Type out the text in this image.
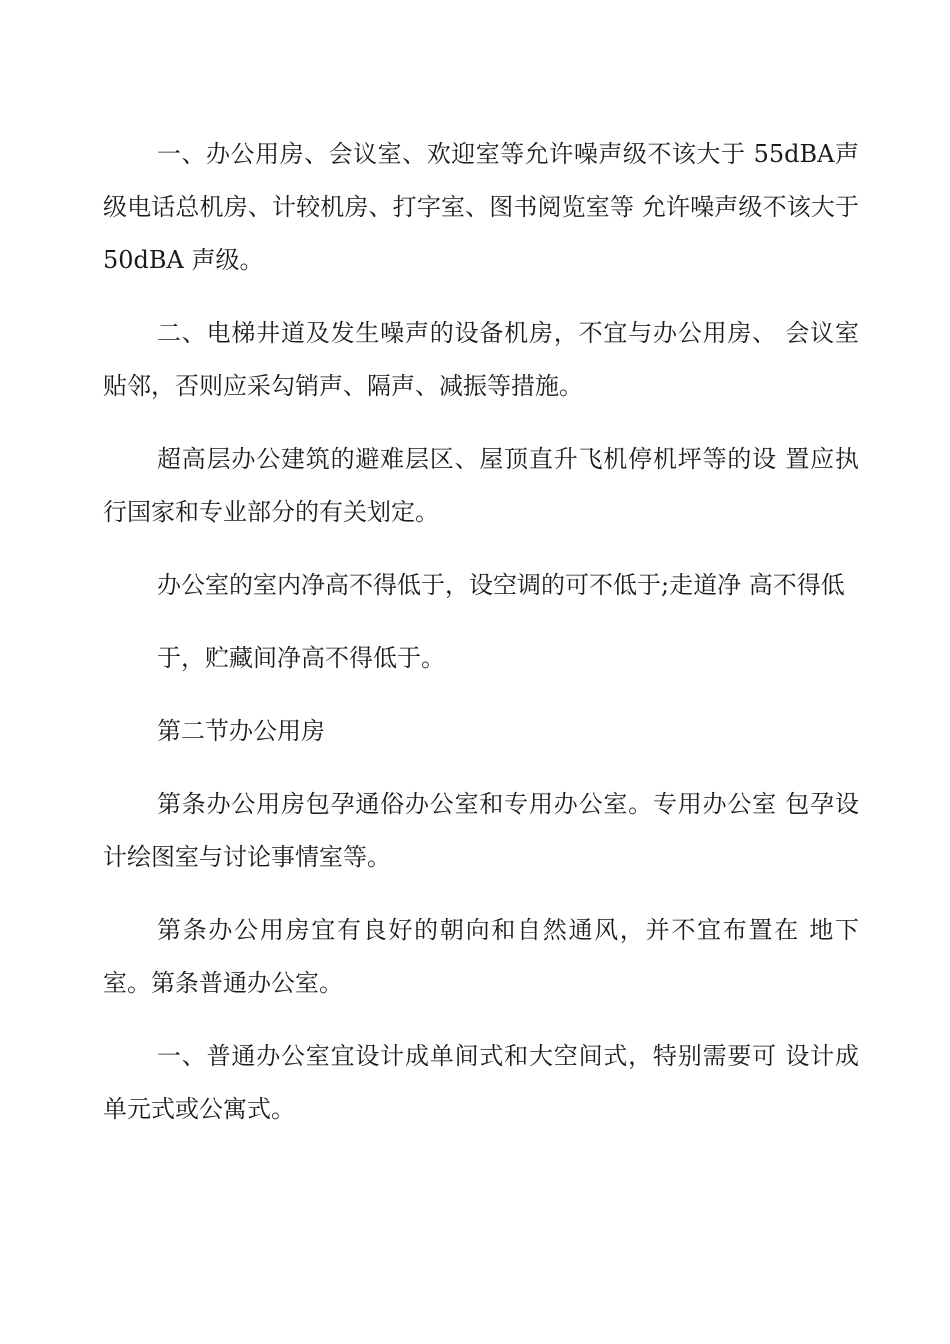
一、办公用房、会议室、欢迎室等允许噪声级不该大于 55dBA声级电话总机房、计较机房、打字室、图书阅览室等 允许噪声级不该大于 50dBA 声级。

二、电梯井道及发生噪声的设备机房，不宜与办公用房、 会议室贴邻，否则应采勾销声、隔声、减振等措施。

超高层办公建筑的避难层区、屋顶直升飞机停机坪等的设 置应执行国家和专业部分的有关划定。

办公室的室内净高不得低于，设空调的可不低于;走道净 高不得低

于，贮藏间净高不得低于。

第二节办公用房

第条办公用房包孕通俗办公室和专用办公室。专用办公室 包孕设计绘图室与讨论事情室等。

第条办公用房宜有良好的朝向和自然通风，并不宜布置在 地下室。第条普通办公室。

一、普通办公室宜设计成单间式和大空间式，特别需要可 设计成单元式或公寓式。
